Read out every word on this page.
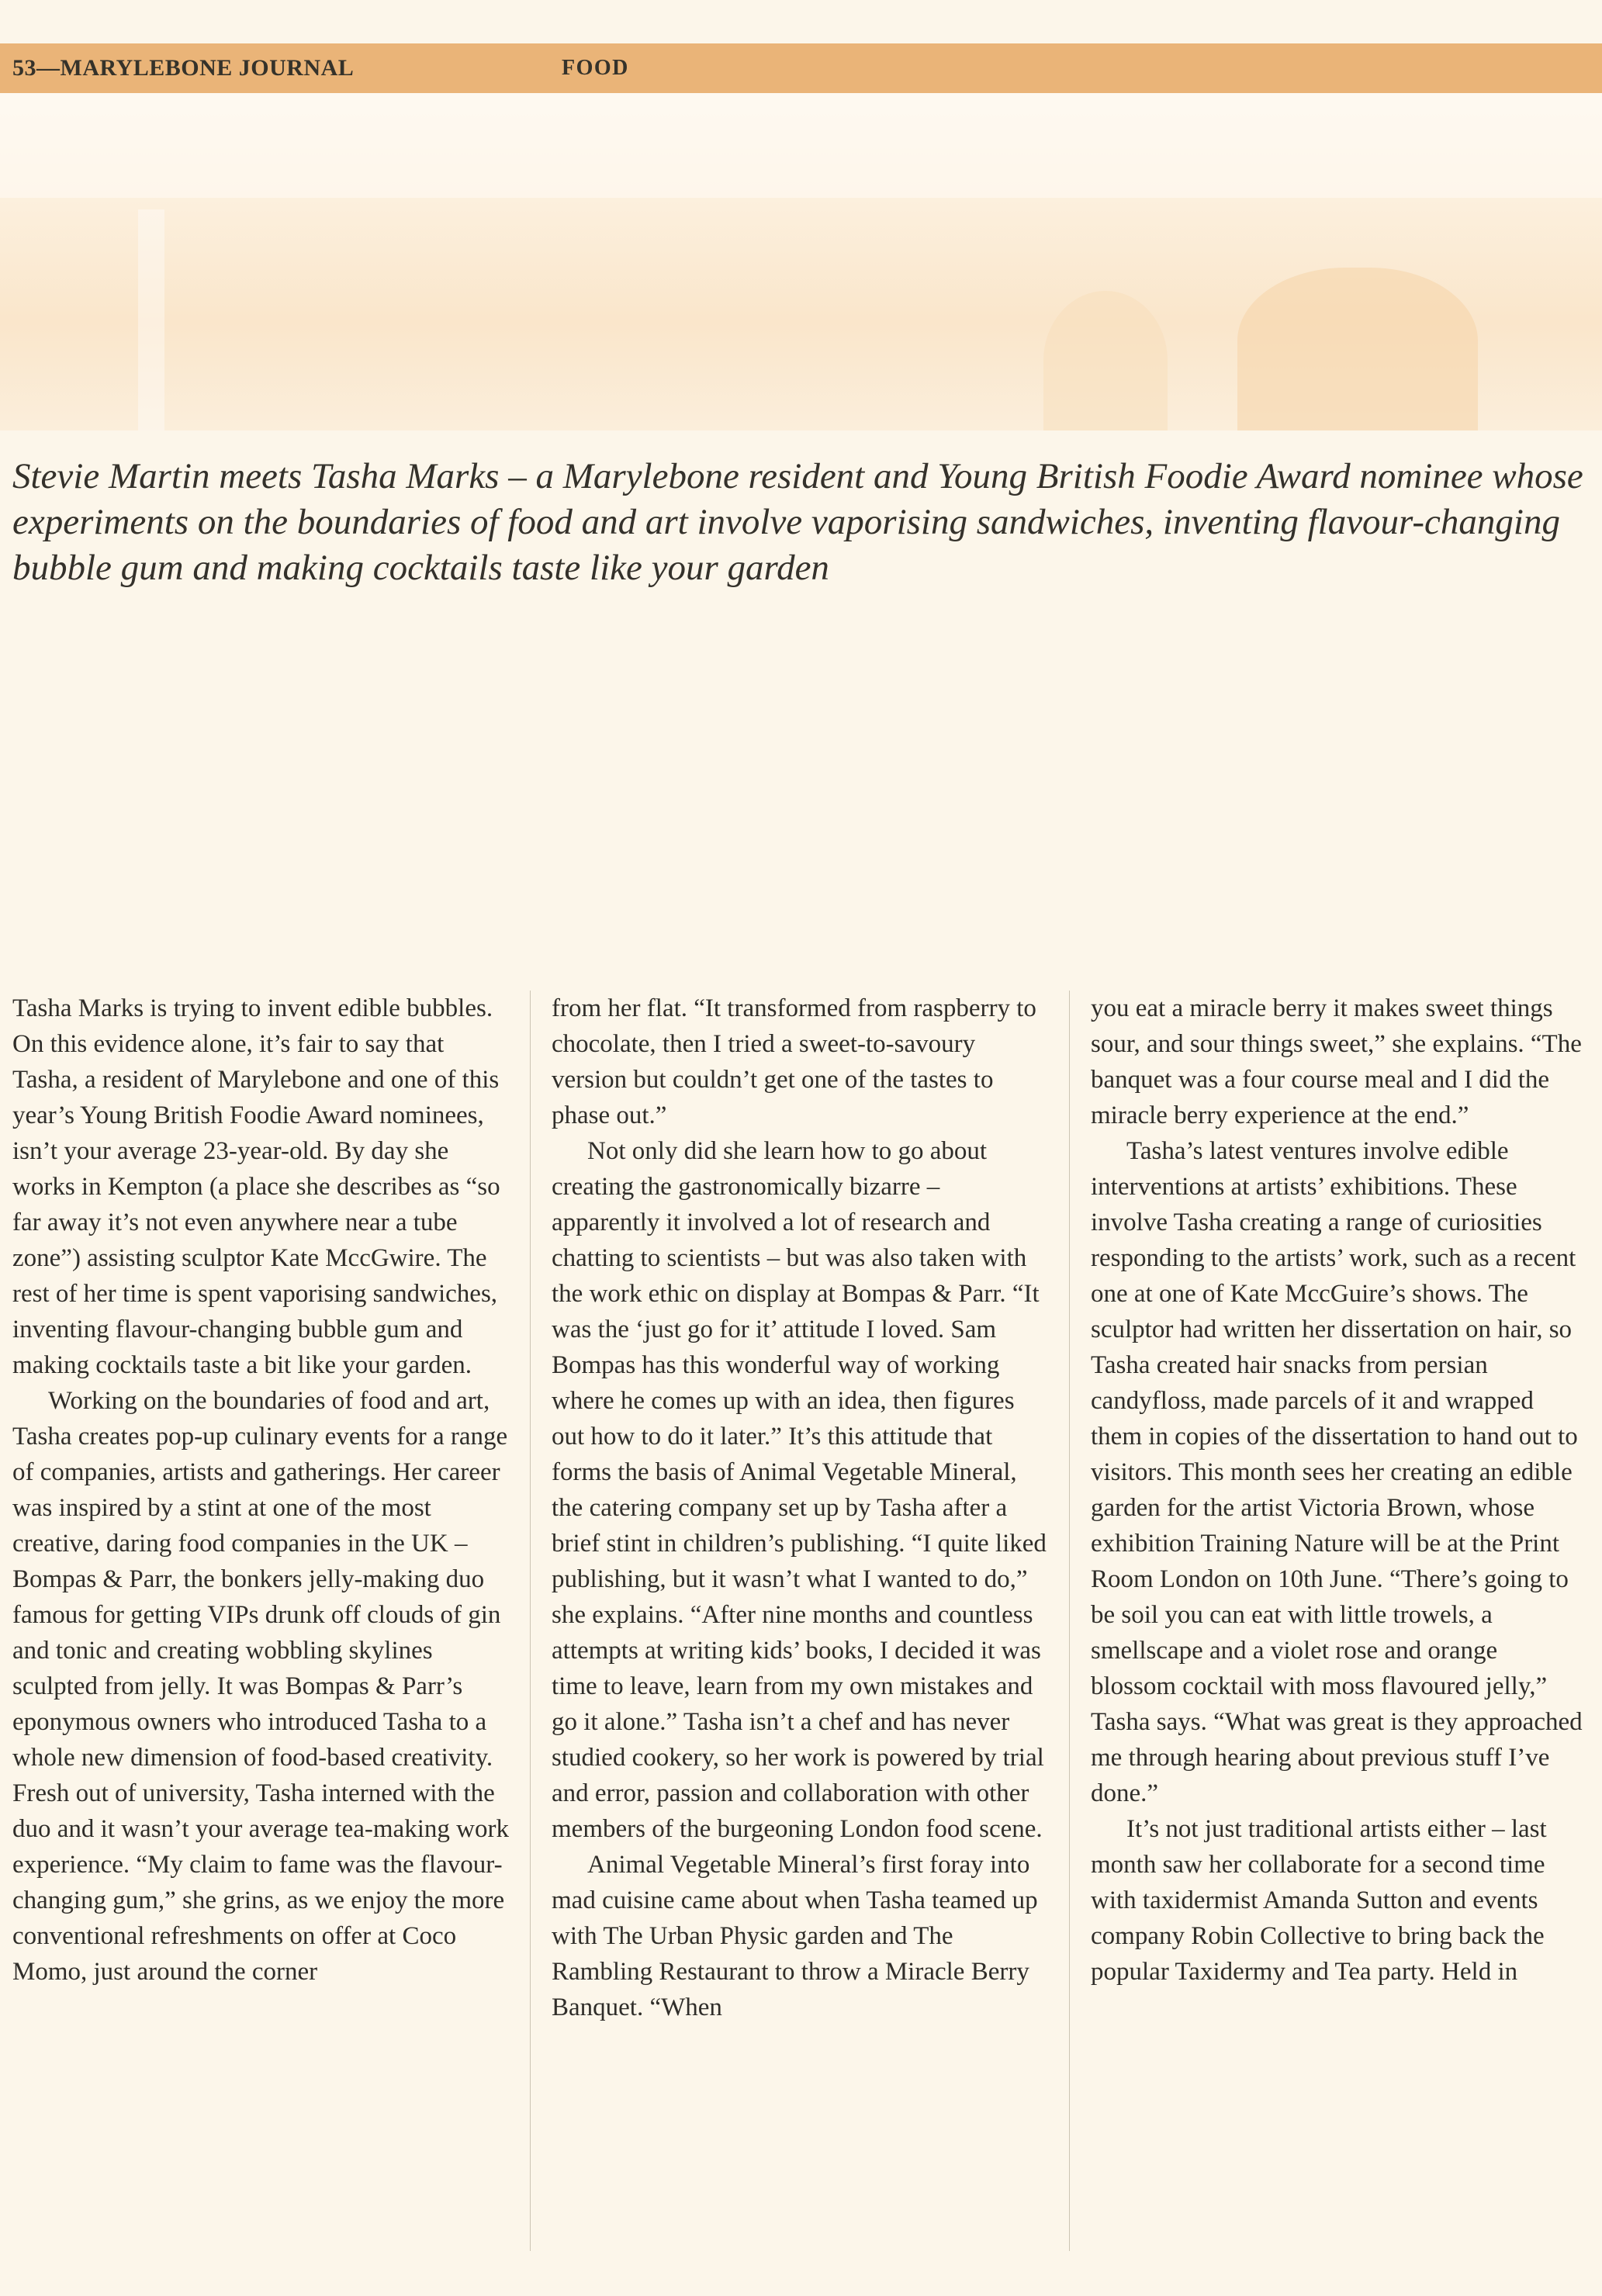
53—MARYLEBONE JOURNAL	FOOD
Stevie Martin meets Tasha Marks – a Marylebone resident and Young British Foodie Award nominee whose experiments on the boundaries of food and art involve vaporising sandwiches, inventing flavour-changing bubble gum and making cocktails taste like your garden

Tasha Marks is trying to invent edible bubbles. On this evidence alone, it’s fair to say that Tasha, a resident of Marylebone and one of this year’s Young British Foodie Award nominees, isn’t your average 23-year-old. By day she works in Kempton (a place she describes as “so far away it’s not even anywhere near a tube zone”) assisting sculptor Kate MccGwire. The rest of her time is spent vaporising sandwiches, inventing flavour-changing bubble gum and making cocktails taste a bit like your garden.

Working on the boundaries of food and art, Tasha creates pop-up culinary events for a range of companies, artists and gatherings. Her career was inspired by a stint at one of the most creative, daring food companies in the UK – Bompas & Parr, the bonkers jelly-making duo famous for getting VIPs drunk off clouds of gin and tonic and creating wobbling skylines sculpted from jelly. It was Bompas & Parr’s eponymous owners who introduced Tasha to a whole new dimension of food-based creativity. Fresh out of university, Tasha interned with the duo and it wasn’t your average tea-making work experience. “My claim to fame was the flavour-changing gum,” she grins, as we enjoy the more conventional refreshments on offer at Coco Momo, just around the corner

from her flat. “It transformed from raspberry to chocolate, then I tried a sweet-to-savoury version but couldn’t get one of the tastes to phase out.”

Not only did she learn how to go about creating the gastronomically bizarre – apparently it involved a lot of research and chatting to scientists – but was also taken with the work ethic on display at Bompas & Parr. “It was the ‘just go for it’ attitude I loved. Sam Bompas has this wonderful way of working where he comes up with an idea, then figures out how to do it later.” It’s this attitude that forms the basis of Animal Vegetable Mineral, the catering company set up by Tasha after a brief stint in children’s publishing. “I quite liked publishing, but it wasn’t what I wanted to do,” she explains. “After nine months and countless attempts at writing kids’ books, I decided it was time to leave, learn from my own mistakes and go it alone.” Tasha isn’t a chef and has never studied cookery, so her work is powered by trial and error, passion and collaboration with other members of the burgeoning London food scene.

Animal Vegetable Mineral’s first foray into mad cuisine came about when Tasha teamed up with The Urban Physic garden and The Rambling Restaurant to throw a Miracle Berry Banquet. “When

you eat a miracle berry it makes sweet things sour, and sour things sweet,” she explains. “The banquet was a four course meal and I did the miracle berry experience at the end.”

Tasha’s latest ventures involve edible interventions at artists’ exhibitions. These involve Tasha creating a range of curiosities responding to the artists’ work, such as a recent one at one of Kate MccGuire’s shows. The sculptor had written her dissertation on hair, so Tasha created hair snacks from persian candyfloss, made parcels of it and wrapped them in copies of the dissertation to hand out to visitors. This month sees her creating an edible garden for the artist Victoria Brown, whose exhibition Training Nature will be at the Print Room London on 10th June. “There’s going to be soil you can eat with little trowels, a smellscape and a violet rose and orange blossom cocktail with moss flavoured jelly,” Tasha says. “What was great is they approached me through hearing about previous stuff I’ve done.”

It’s not just traditional artists either – last month saw her collaborate for a second time with taxidermist Amanda Sutton and events company Robin Collective to bring back the popular Taxidermy and Tea party. Held in
